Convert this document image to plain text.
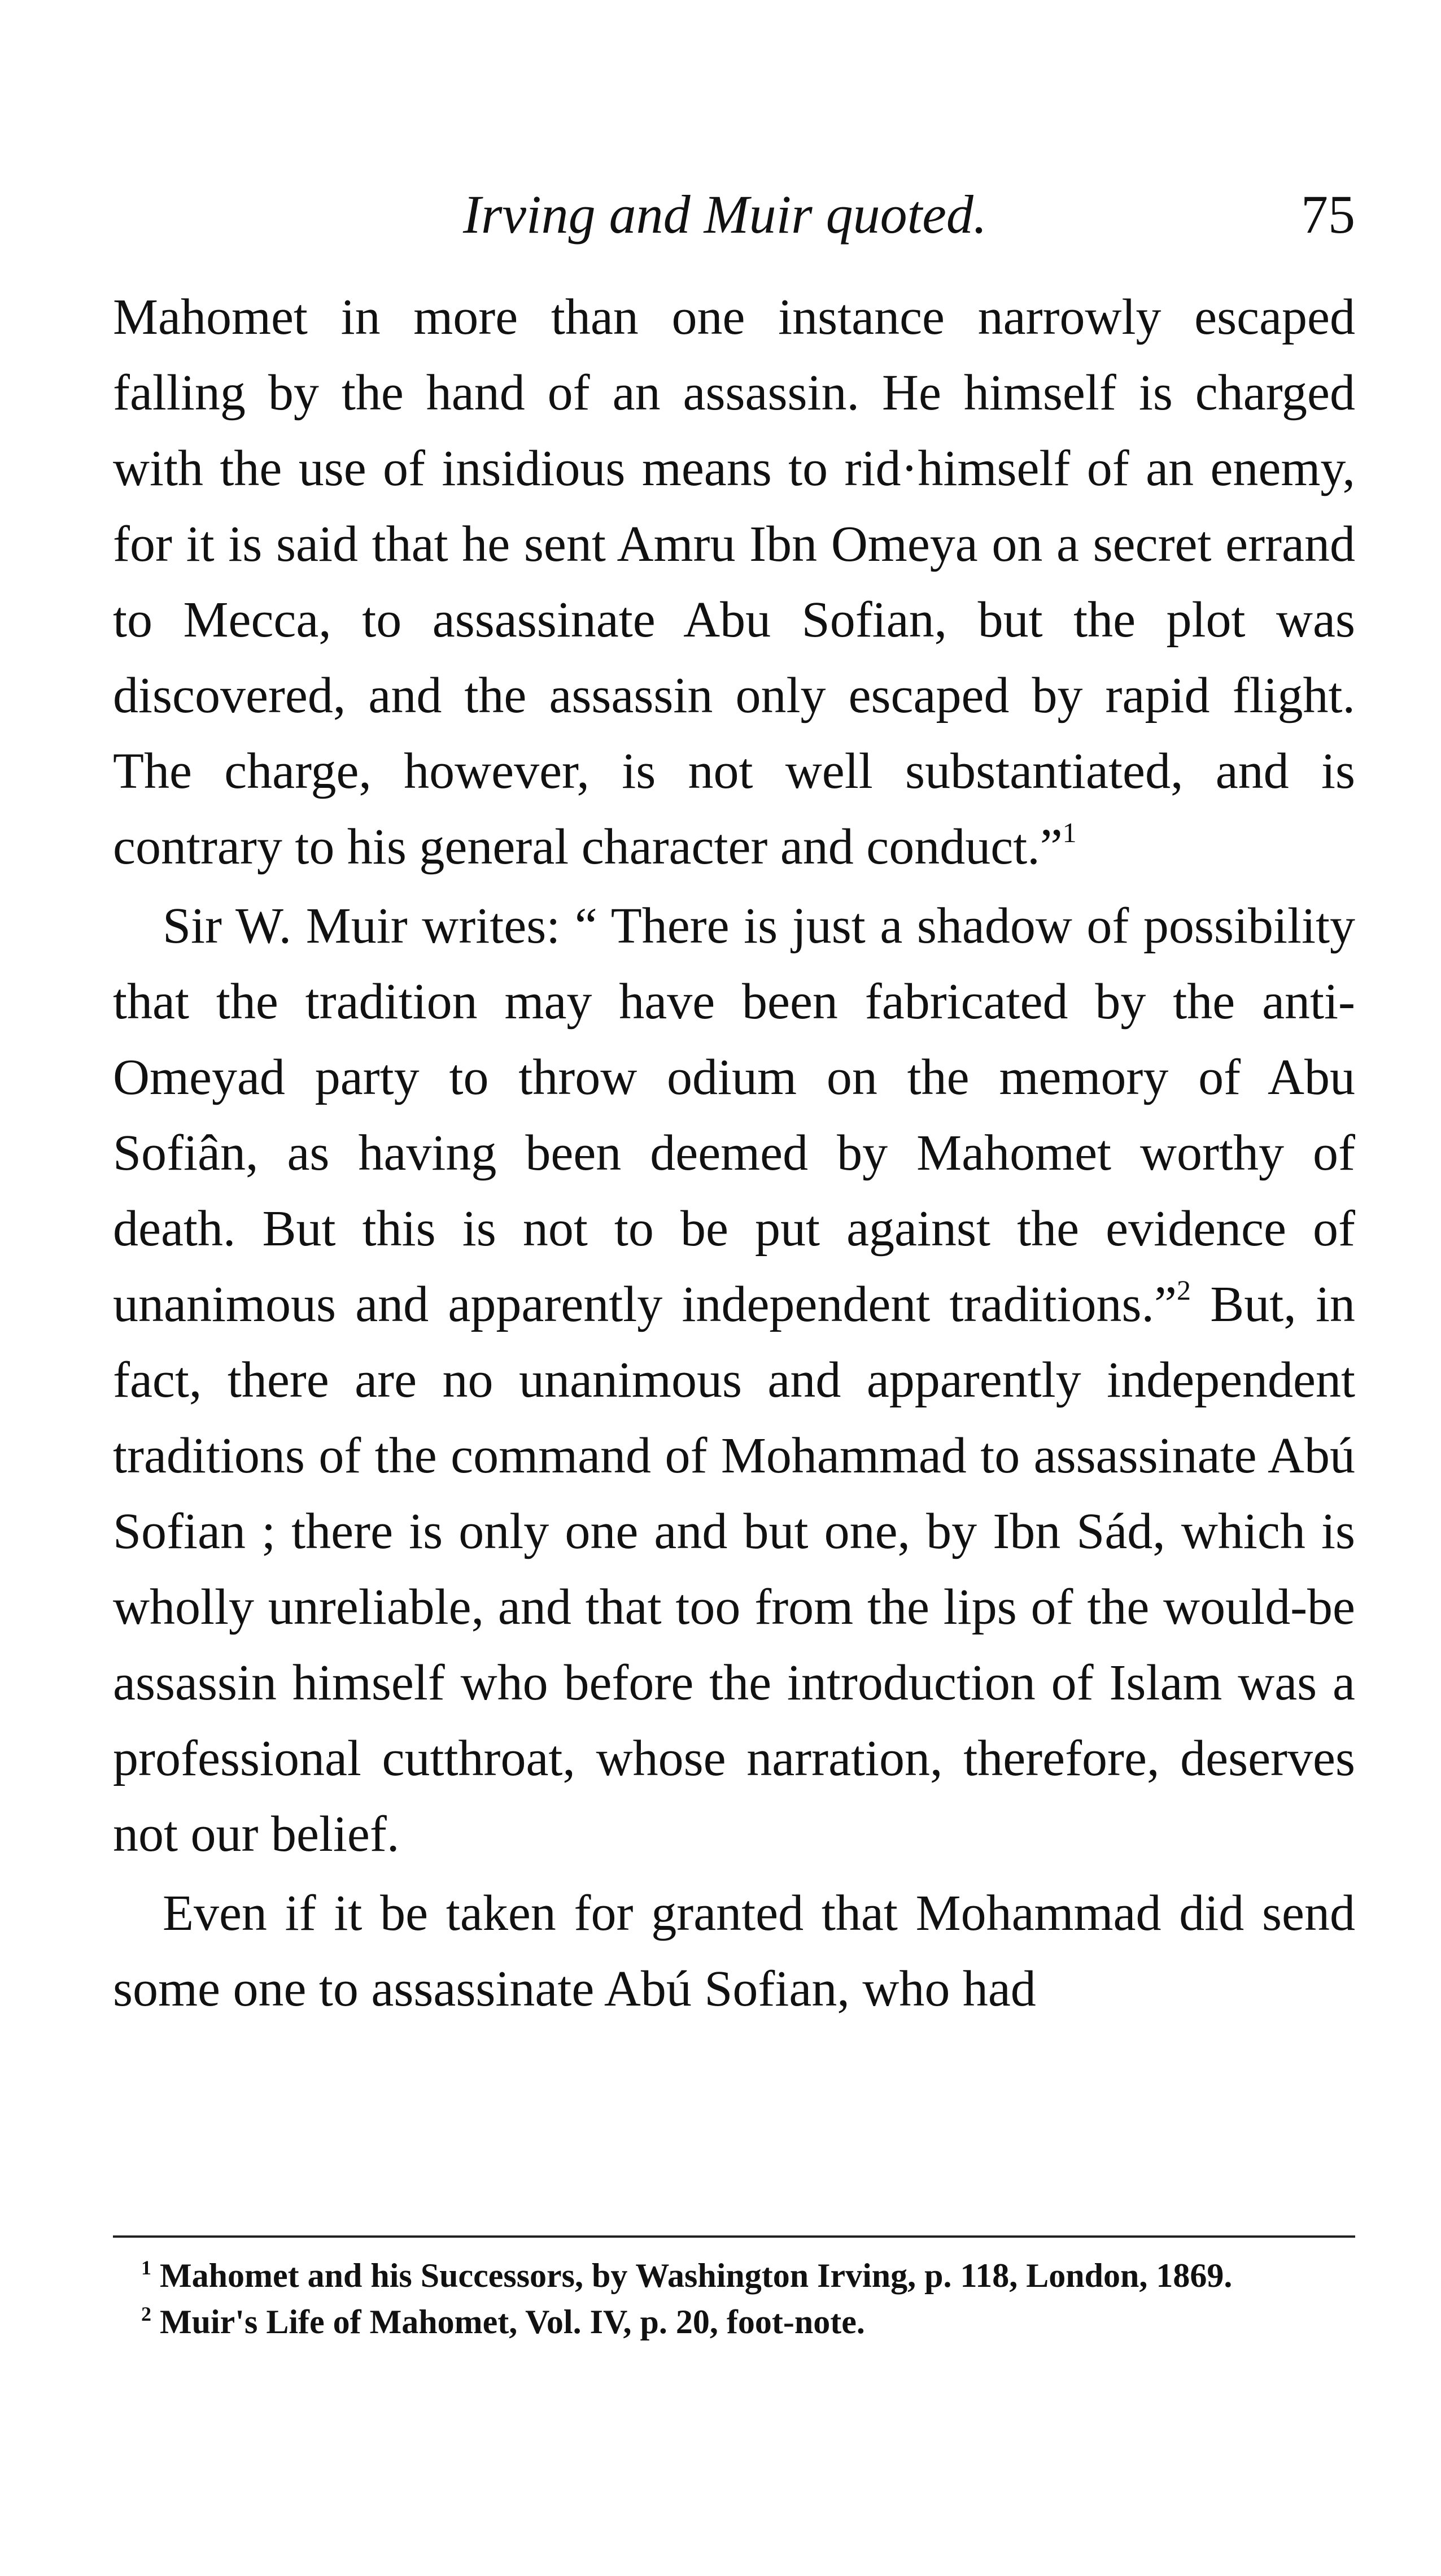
Irving and Muir quoted.	75

Mahomet in more than one instance narrowly escaped falling by the hand of an assassin. He himself is charged with the use of insidious means to rid·himself of an enemy, for it is said that he sent Amru Ibn Omeya on a secret errand to Mecca, to assassinate Abu Sofian, but the plot was discovered, and the assassin only escaped by rapid flight. The charge, however, is not well substantiated, and is contrary to his general character and conduct.”$^1$

Sir W. Muir writes: “ There is just a shadow of possibility that the tradition may have been fabricated by the anti-Omeyad party to throw odium on the memory of Abu Sofiân, as having been deemed by Mahomet worthy of death. But this is not to be put against the evidence of unanimous and apparently independent traditions.”$^2$ But, in fact, there are no unanimous and apparently independent traditions of the command of Mohammad to assassinate Abú Sofian ; there is only one and but one, by Ibn Sád, which is wholly unreliable, and that too from the lips of the would-be assassin himself who before the introduction of Islam was a professional cutthroat, whose narration, therefore, deserves not our belief.

Even if it be taken for granted that Mohammad did send some one to assassinate Abú Sofian, who had

$^1$ Mahomet and his Successors, by Washington Irving, p. 118, London, 1869.

$^2$ Muir's Life of Mahomet, Vol. IV, p. 20, foot-note.
